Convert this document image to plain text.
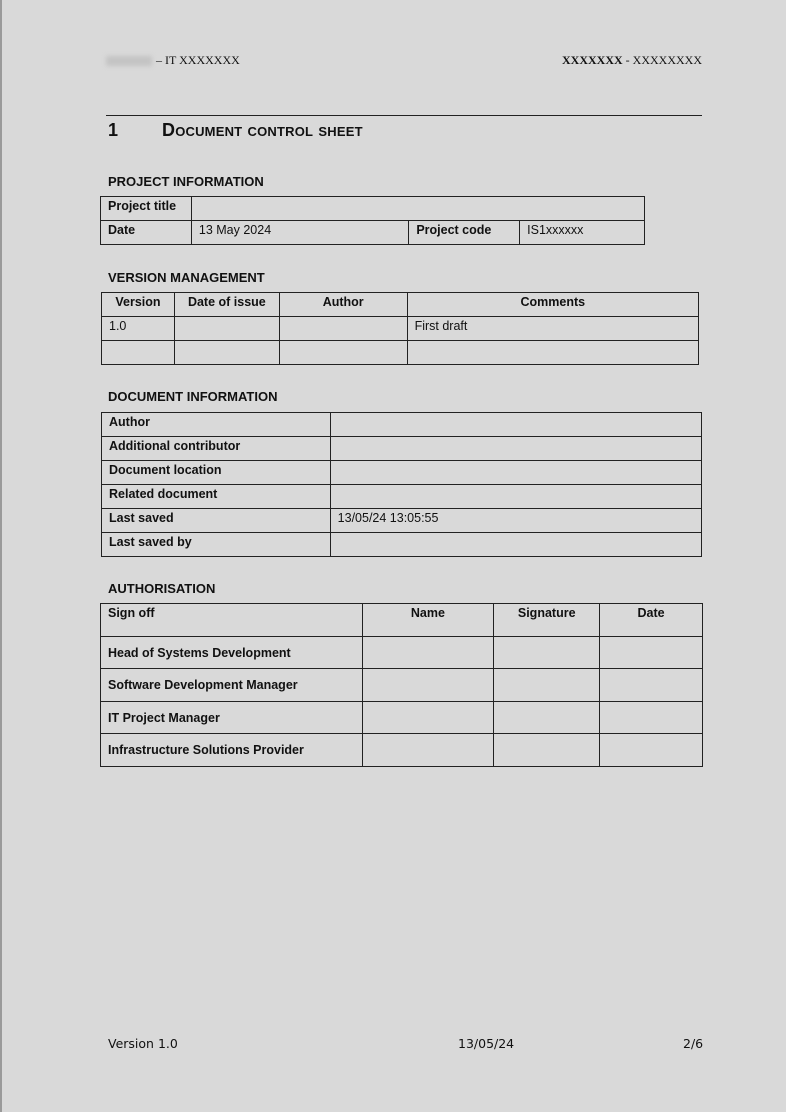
– IT XXXXXXX	XXXXXXX - XXXXXXXX
1 Document control sheet
PROJECT INFORMATION
Project title			
Date	13 May 2024	Project code	IS1xxxxxx
VERSION MANAGEMENT
Version	Date of issue	Author	Comments
1.0			First draft

DOCUMENT INFORMATION
Author	
Additional contributor	
Document location	
Related document	
Last saved	13/05/24 13:05:55
Last saved by	
AUTHORISATION
Sign off	Name	Signature	Date
Head of Systems Development			
Software Development Manager			
IT Project Manager			
Infrastructure Solutions Provider			
Version 1.0	13/05/24	2/6
